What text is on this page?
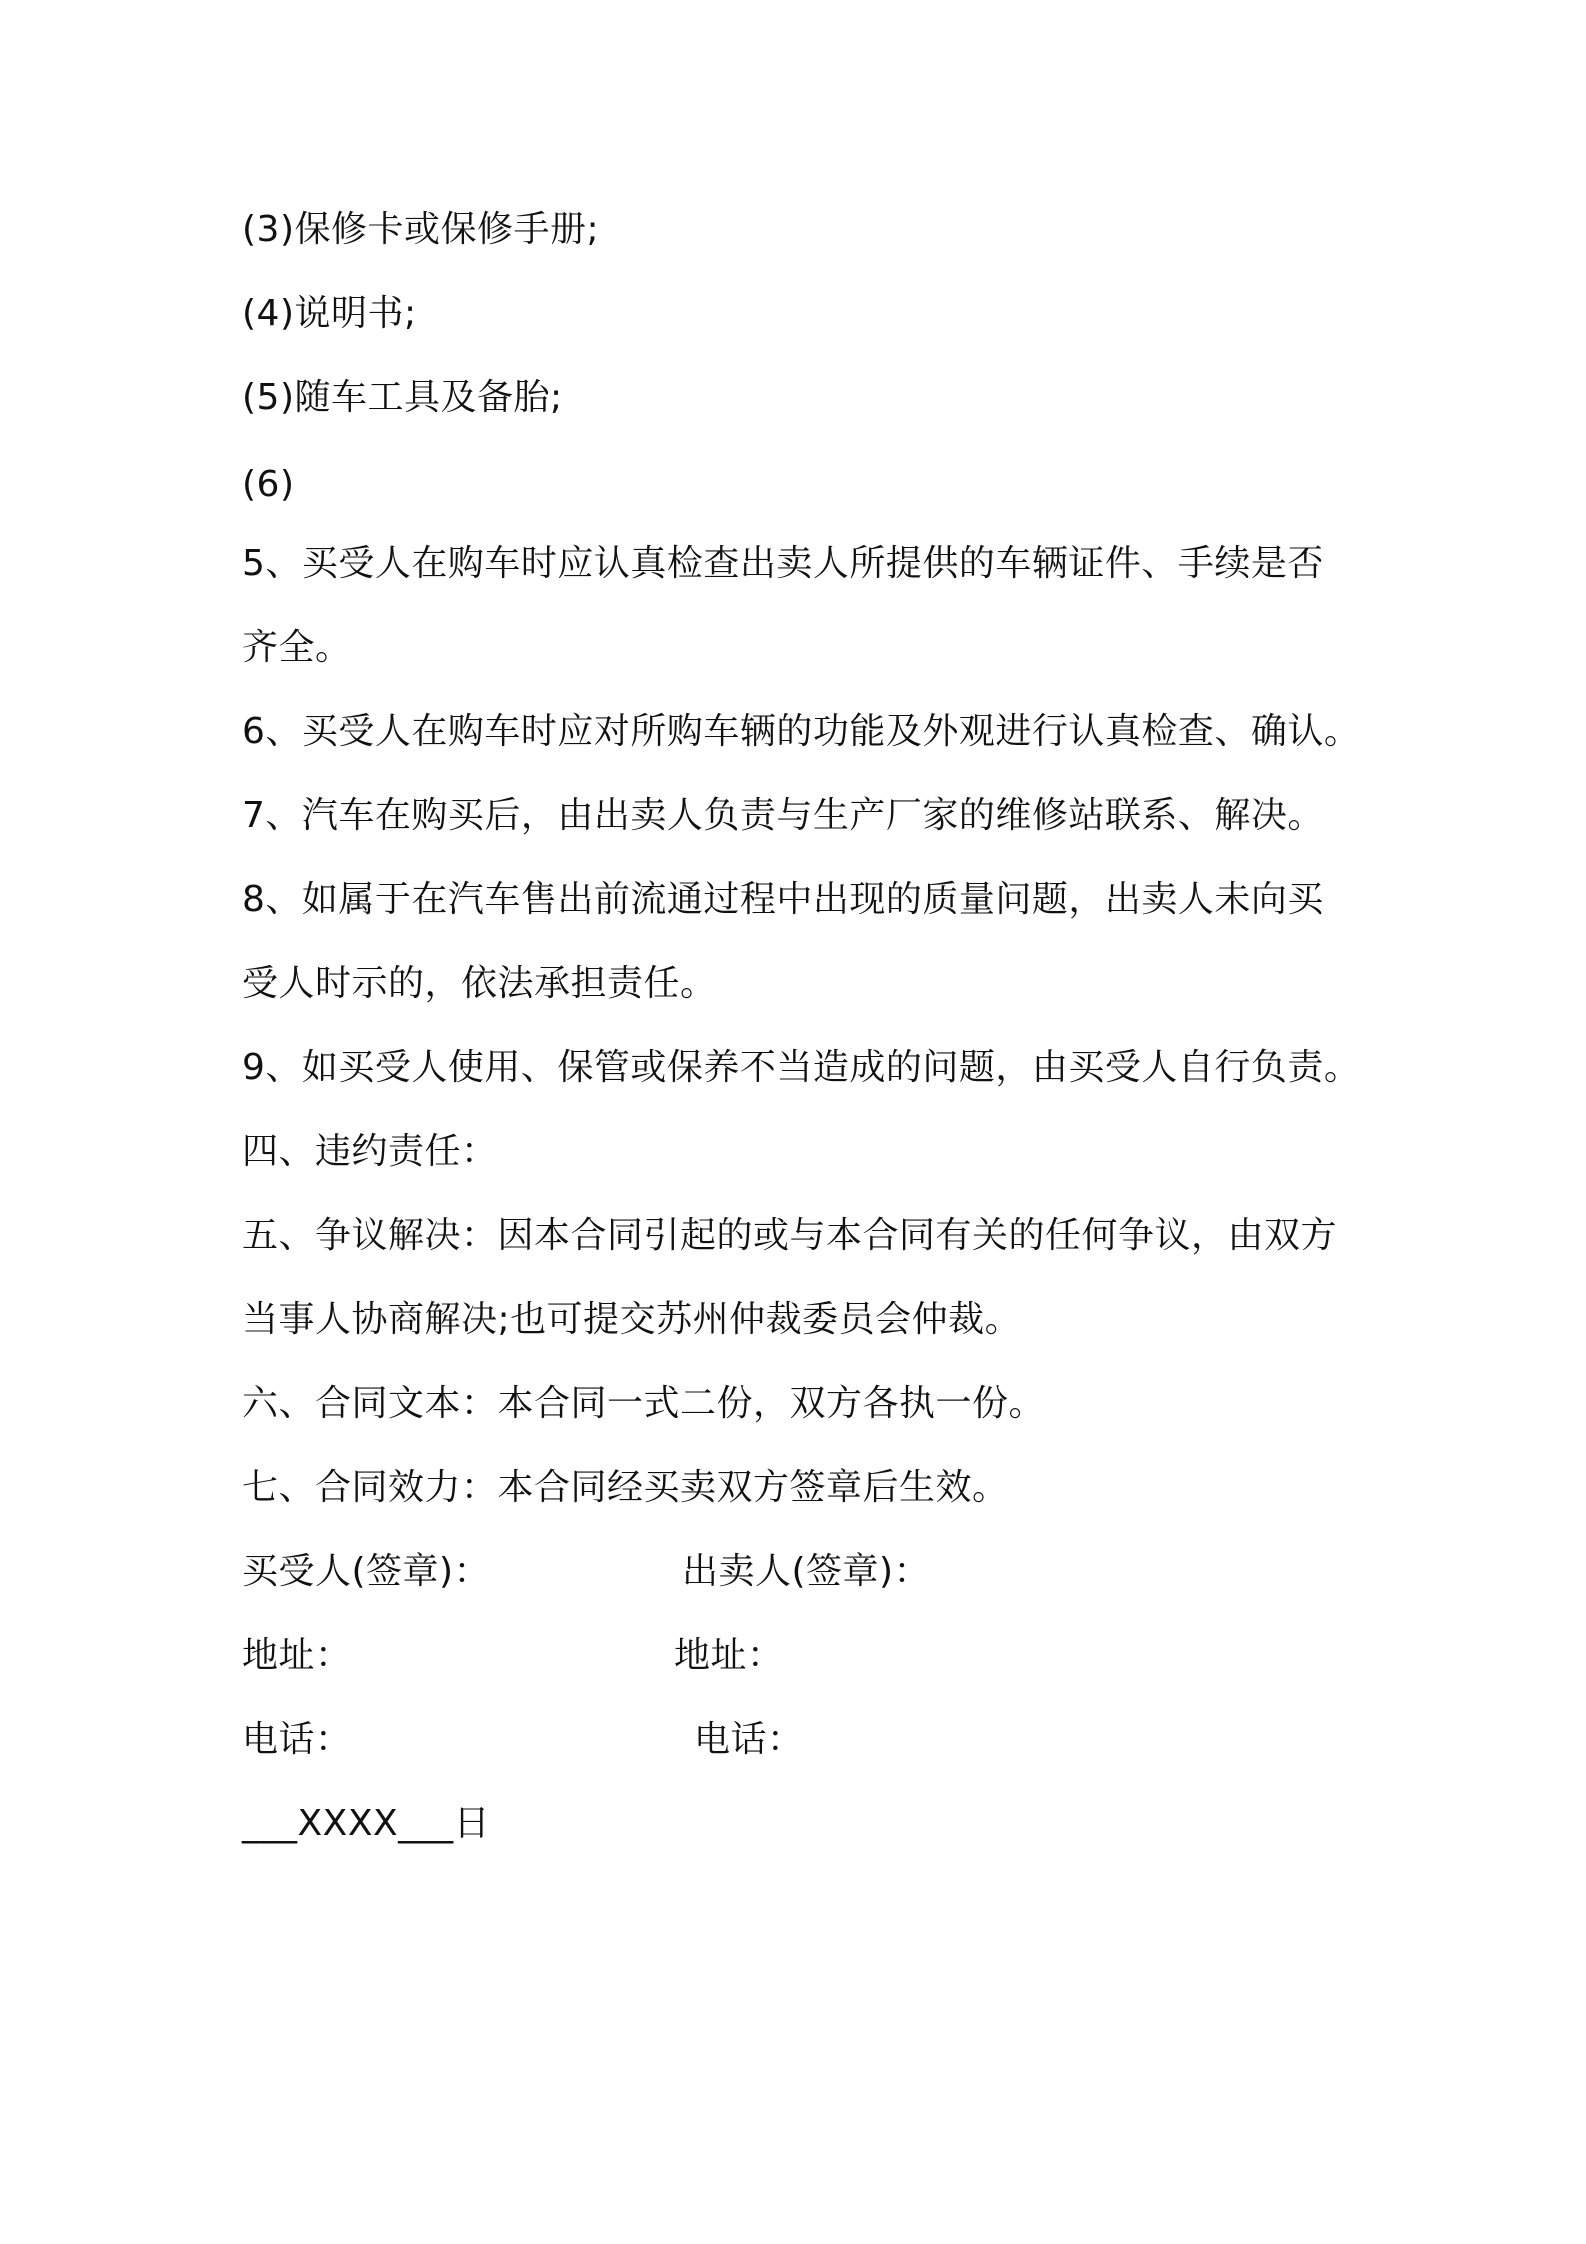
(3)保修卡或保修手册;
(4)说明书;
(5)随车工具及备胎;
(6)
5、买受人在购车时应认真检查出卖人所提供的车辆证件、手续是否
齐全。
6、买受人在购车时应对所购车辆的功能及外观进行认真检查、确认。
7、汽车在购买后，由出卖人负责与生产厂家的维修站联系、解决。
8、如属于在汽车售出前流通过程中出现的质量问题，出卖人未向买
受人时示的，依法承担责任。
9、如买受人使用、保管或保养不当造成的问题，由买受人自行负责。
四、违约责任：
五、争议解决：因本合同引起的或与本合同有关的任何争议，由双方
当事人协商解决;也可提交苏州仲裁委员会仲裁。
六、合同文本：本合同一式二份，双方各执一份。
七、合同效力：本合同经买卖双方签章后生效。
买受人(签章)：	出卖人(签章)：
地址：	地址：
电话：	电话：
___XXXX___日
